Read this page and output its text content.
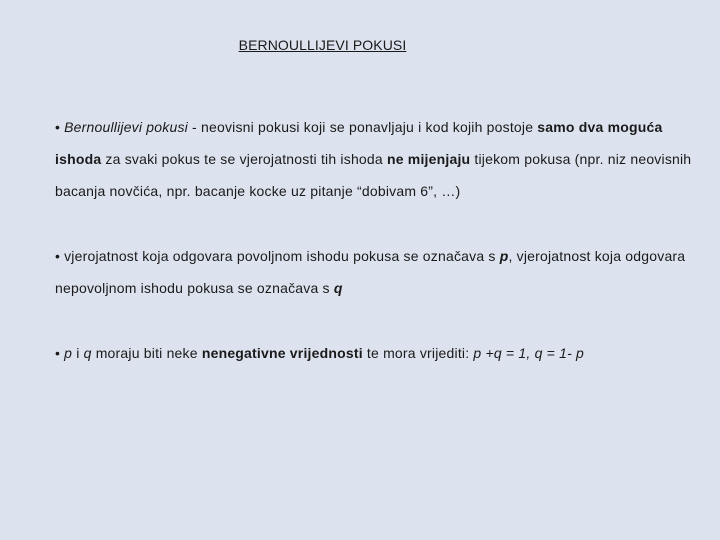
BERNOULLIJEVI POKUSI
• Bernoullijevi pokusi - neovisni pokusi koji se ponavljaju i kod kojih postoje samo dva moguća ishoda za svaki pokus te se vjerojatnosti tih ishoda ne mijenjaju tijekom pokusa (npr. niz neovisnih bacanja novčića, npr. bacanje kocke uz pitanje “dobivam 6”, …)
• vjerojatnost koja odgovara povoljnom ishodu pokusa se označava s p, vjerojatnost koja odgovara nepovoljnom ishodu pokusa se označava s q
• p i q moraju biti neke nenegativne vrijednosti te mora vrijediti: p +q = 1, q = 1- p
